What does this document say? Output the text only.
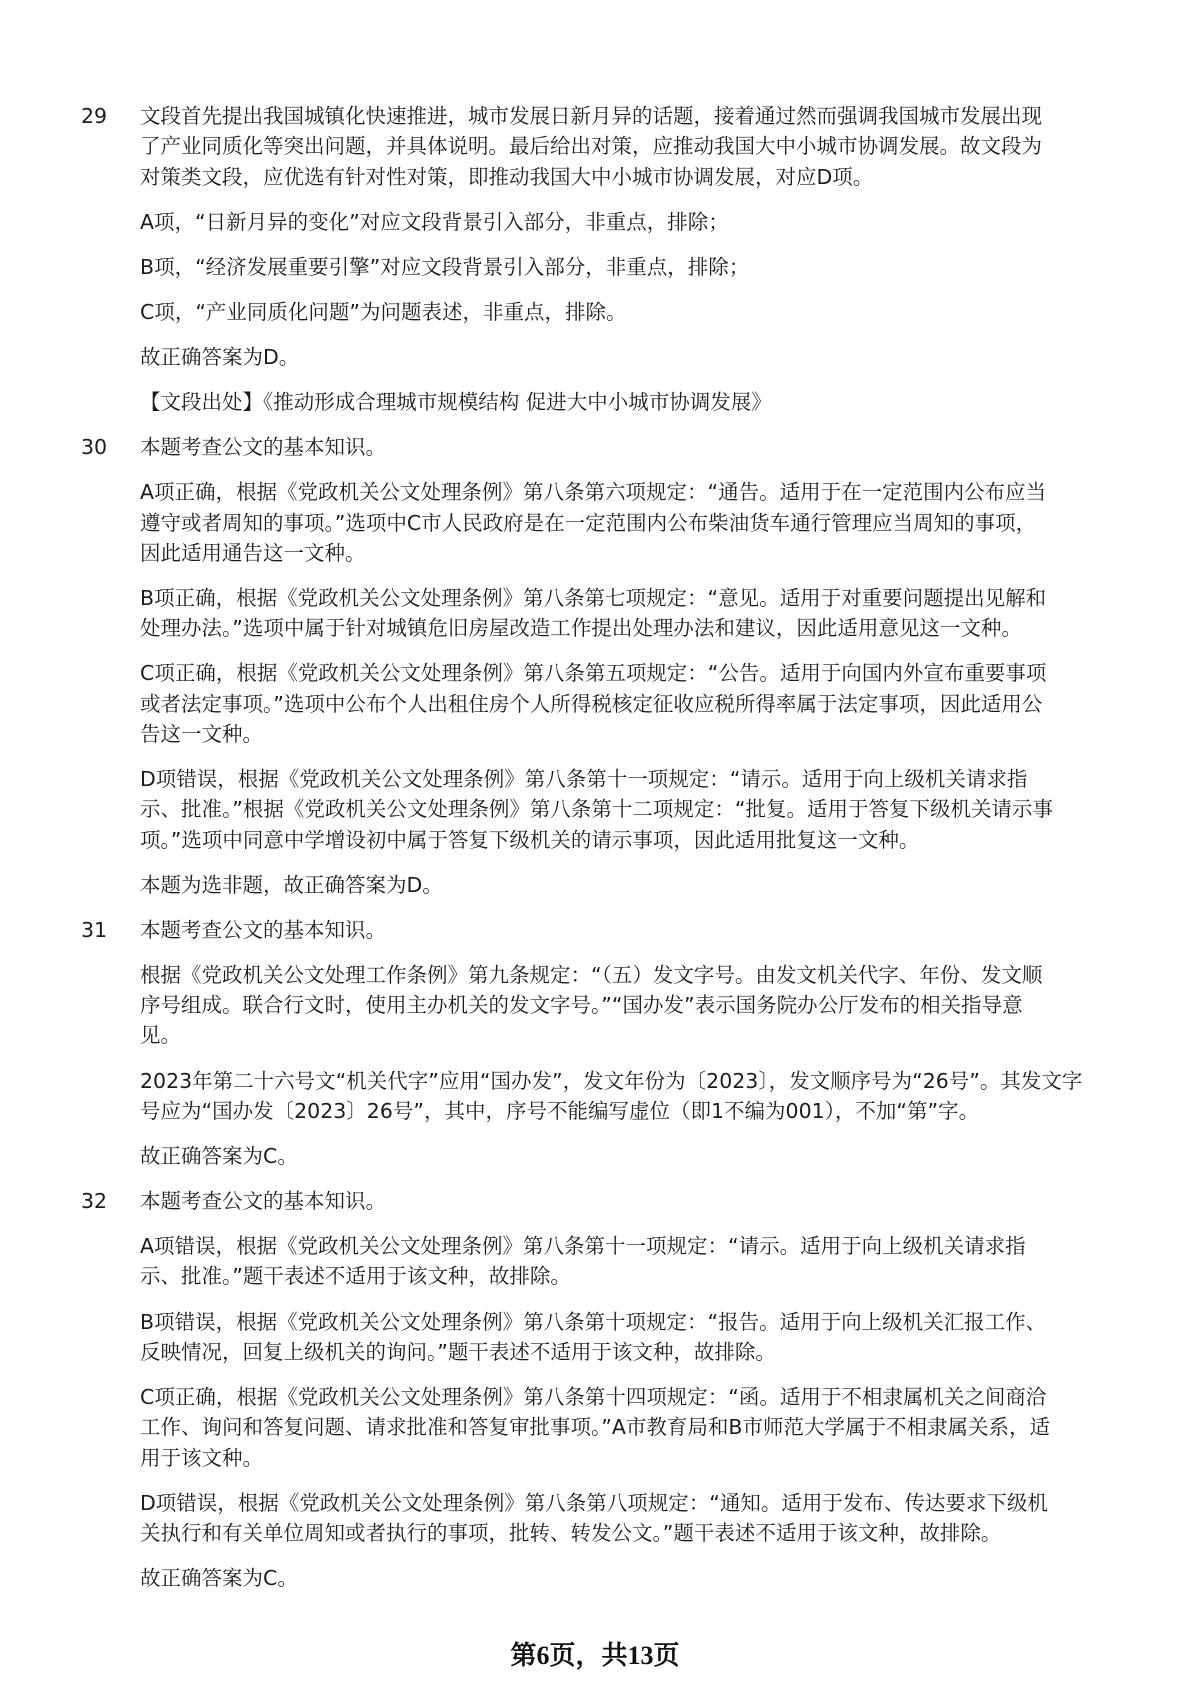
29	文段首先提出我国城镇化快速推进，城市发展日新月异的话题，接着通过然而强调我国城市发展出现
了产业同质化等突出问题，并具体说明。最后给出对策，应推动我国大中小城市协调发展。故文段为
对策类文段，应优选有针对性对策，即推动我国大中小城市协调发展，对应D项。
A项，“日新月异的变化”对应文段背景引入部分，非重点，排除；
B项，“经济发展重要引擎”对应文段背景引入部分，非重点，排除；
C项，“产业同质化问题”为问题表述，非重点，排除。
故正确答案为D。
【文段出处】《推动形成合理城市规模结构 促进大中小城市协调发展》
30	本题考查公文的基本知识。
A项正确，根据《党政机关公文处理条例》第八条第六项规定：“通告。适用于在一定范围内公布应当
遵守或者周知的事项。”选项中C市人民政府是在一定范围内公布柴油货车通行管理应当周知的事项，
因此适用通告这一文种。
B项正确，根据《党政机关公文处理条例》第八条第七项规定：“意见。适用于对重要问题提出见解和
处理办法。”选项中属于针对城镇危旧房屋改造工作提出处理办法和建议，因此适用意见这一文种。
C项正确，根据《党政机关公文处理条例》第八条第五项规定：“公告。适用于向国内外宣布重要事项
或者法定事项。”选项中公布个人出租住房个人所得税核定征收应税所得率属于法定事项，因此适用公
告这一文种。
D项错误，根据《党政机关公文处理条例》第八条第十一项规定：“请示。适用于向上级机关请求指
示、批准。”根据《党政机关公文处理条例》第八条第十二项规定：“批复。适用于答复下级机关请示事
项。”选项中同意中学增设初中属于答复下级机关的请示事项，因此适用批复这一文种。
本题为选非题，故正确答案为D。
31	本题考查公文的基本知识。
根据《党政机关公文处理工作条例》第九条规定：“（五）发文字号。由发文机关代字、年份、发文顺
序号组成。联合行文时，使用主办机关的发文字号。”“国办发”表示国务院办公厅发布的相关指导意
见。
2023年第二十六号文“机关代字”应用“国办发”，发文年份为〔2023〕，发文顺序号为“26号”。其发文字
号应为“国办发〔2023〕26号”，其中，序号不能编写虚位（即1不编为001），不加“第”字。
故正确答案为C。
32	本题考查公文的基本知识。
A项错误，根据《党政机关公文处理条例》第八条第十一项规定：“请示。适用于向上级机关请求指
示、批准。”题干表述不适用于该文种，故排除。
B项错误，根据《党政机关公文处理条例》第八条第十项规定：“报告。适用于向上级机关汇报工作、
反映情况，回复上级机关的询问。”题干表述不适用于该文种，故排除。
C项正确，根据《党政机关公文处理条例》第八条第十四项规定：“函。适用于不相隶属机关之间商洽
工作、询问和答复问题、请求批准和答复审批事项。”A市教育局和B市师范大学属于不相隶属关系，适
用于该文种。
D项错误，根据《党政机关公文处理条例》第八条第八项规定：“通知。适用于发布、传达要求下级机
关执行和有关单位周知或者执行的事项，批转、转发公文。”题干表述不适用于该文种，故排除。
故正确答案为C。
第6页，共13页
